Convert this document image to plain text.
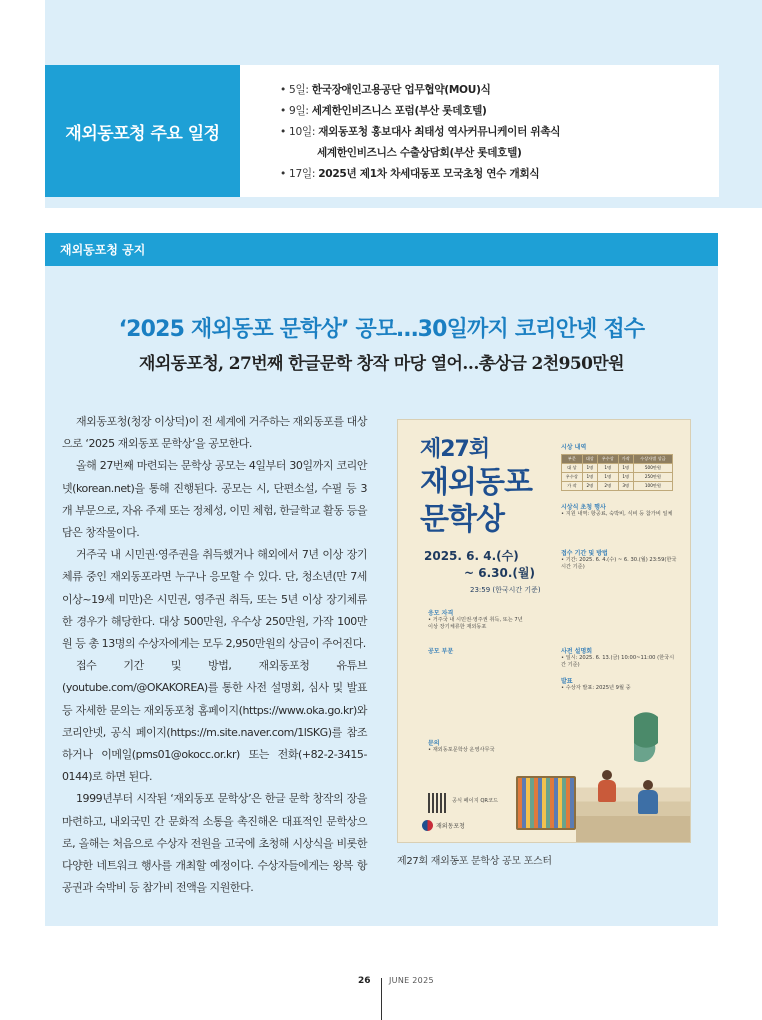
재외동포청 주요 일정
• 5일: 한국장애인고용공단 업무협약(MOU)식
• 9일: 세계한인비즈니스 포럼(부산 롯데호텔)
• 10일: 재외동포청 홍보대사 최태성 역사커뮤니케이터 위촉식
세계한인비즈니스 수출상담회(부산 롯데호텔)
• 17일: 2025년 제1차 차세대동포 모국초청 연수 개회식
재외동포청 공지
‘2025 재외동포 문학상’ 공모…30일까지 코리안넷 접수
재외동포청, 27번째 한글문학 창작 마당 열어…총상금 2천950만원

재외동포청(청장 이상덕)이 전 세계에 거주하는 재외동포를 대상으로 ‘2025 재외동포 문학상’을 공모한다.

올해 27번째 마련되는 문학상 공모는 4일부터 30일까지 코리안넷(korean.net)을 통해 진행된다. 공모는 시, 단편소설, 수필 등 3개 부문으로, 자유 주제 또는 정체성, 이민 체험, 한글학교 활동 등을 담은 창작물이다.

거주국 내 시민권·영주권을 취득했거나 해외에서 7년 이상 장기 체류 중인 재외동포라면 누구나 응모할 수 있다. 단, 청소년(만 7세이상~19세 미만)은 시민권, 영주권 취득, 또는 5년 이상 장기체류한 경우가 해당한다. 대상 500만원, 우수상 250만원, 가작 100만원 등 총 13명의 수상자에게는 모두 2,950만원의 상금이 주어진다.

접수 기간 및 방법, 재외동포청 유튜브(youtube.com/@OKAKOREA)를 통한 사전 설명회, 심사 및 발표 등 자세한 문의는 재외동포청 홈페이지(https://www.oka.go.kr)와 코리안넷, 공식 페이지(https://m.site.naver.com/1lSKG)를 참조하거나 이메일(pms01@okocc.or.kr) 또는 전화(+82-2-3415-0144)로 하면 된다.

1999년부터 시작된 ‘재외동포 문학상’은 한글 문학 창작의 장을 마련하고, 내외국민 간 문화적 소통을 촉진해온 대표적인 문학상으로, 올해는 처음으로 수상자 전원을 고국에 초청해 시상식을 비롯한 다양한 네트워크 행사를 개최할 예정이다. 수상자들에게는 왕복 항공권과 숙박비 등 참가비 전액을 지원한다.

제27회
재외동포
문학상
2025. 6. 4.(수)
~ 6.30.(월)
23:59 (한국시간 기준)
시상 내역
부문	대상	우수상	가작	수상자별 상금
대 상	1명	1명	1명	500만원
우수상	1명	1명	1명	250만원
가 작	2명	2명	3명	100만원
시상식 초청 행사
• 지원 내역: 항공료, 숙박비, 식비 등 참가비 일체
접수 기간 및 방법
• 기간: 2025. 6. 4.(수) ~ 6. 30.(월) 23:59(한국시간 기준)
응모 자격
• 거주국 내 시민권·영주권 취득, 또는 7년 이상 장기체류한 재외동포
공모 부문	사전 설명회
• 일시: 2025. 6. 13.(금) 10:00~11:00 (한국시간 기준)
발표
• 수상자 발표: 2025년 9월 중
문의
• 재외동포문학상 운영사무국
공식 페이지 QR코드
재외동포청
제27회 재외동포 문학상 공모 포스터
26 JUNE 2025
